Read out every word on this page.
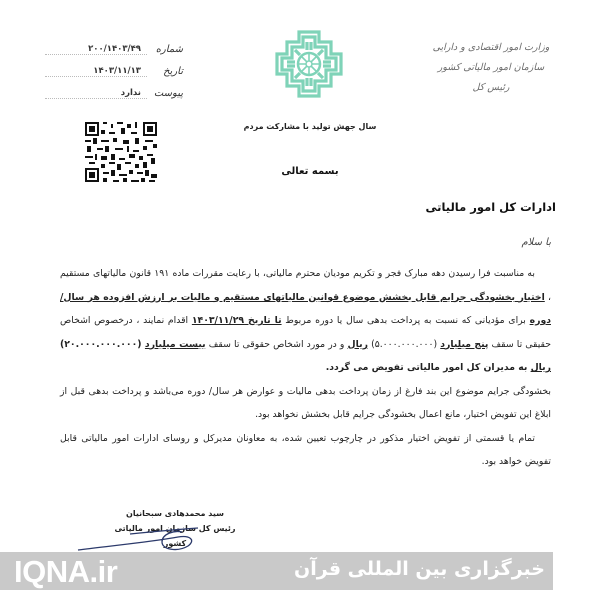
شماره
۲۰۰/۱۴۰۳/۴۹
تاریخ
۱۴۰۳/۱۱/۱۳
پیوست
ندارد
وزارت امور اقتصادی و دارایی
سازمان امور مالیاتی کشور
رئیس کل
سال جهش تولید با مشارکت مردم
بسمه تعالی
ادارات کل امور مالیاتی
با سلام

به مناسبت فرا رسیدن دهه مبارک فجر و تکریم مودیان محترم مالیاتی، با رعایت مقررات ماده ۱۹۱ قانون مالیاتهای مستقیم ، اختیار بخشودگی جرایم قابل بخشش موضوع قوانین مالیاتهای مستقیم و مالیات بر ارزش افزوده هر سال/ دوره برای مؤدیانی که نسبت به پرداخت بدهی سال یا دوره مربوط تا تاریخ ۱۴۰۳/۱۱/۲۹ اقدام نمایند ، درخصوص اشخاص حقیقی تا سقف پنج میلیارد (۵.۰۰۰.۰۰۰.۰۰۰) ریال و در مورد اشخاص حقوقی تا سقف بیست میلیارد (۲۰.۰۰۰.۰۰۰.۰۰۰) ریال به مدیران کل امور مالیاتی تفویض می گردد.

بخشودگی جرایم موضوع این بند فارغ از زمان پرداخت بدهی مالیات و عوارض هر سال/ دوره می‌باشد و پرداخت بدهی قبل از ابلاغ این تفویض اختیار، مانع اعمال بخشودگی جرایم قابل بخشش نخواهد بود.

تمام یا قسمتی از تفویض اختیار مذکور در چارچوب تعیین شده، به معاونان مدیرکل و روسای ادارات امور مالیاتی قابل تفویض خواهد بود.

سید محمدهادی سبحانیان
رئیس کل سازمان امور مالیاتی کشور
IQNA.ir	خبرگزاری بین المللی قرآن
